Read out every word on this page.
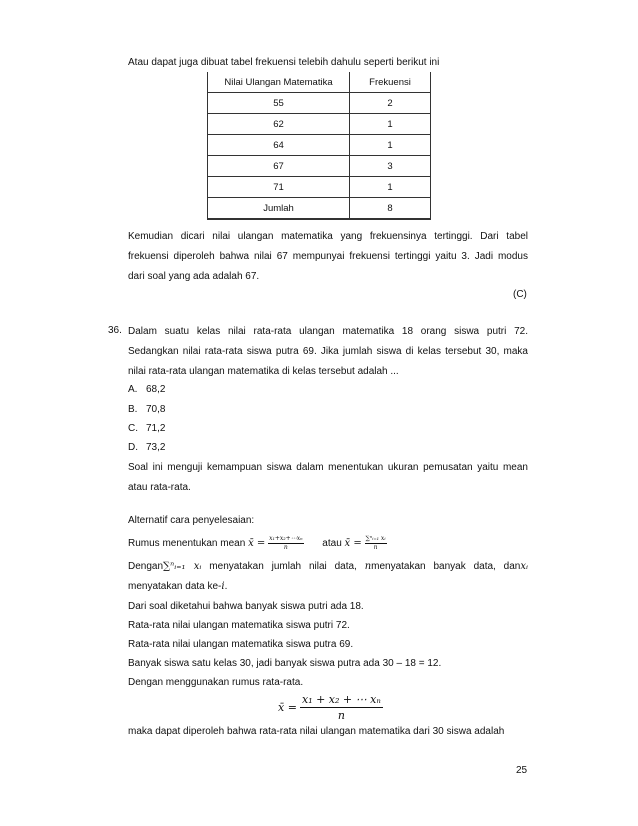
Atau dapat juga dibuat tabel frekuensi telebih dahulu seperti berikut ini
Nilai Ulangan Matematika	Frekuensi
55	2
62	1
64	1
67	3
71	1
Jumlah	8
Kemudian dicari nilai ulangan matematika yang frekuensinya tertinggi. Dari tabel
frekuensi diperoleh bahwa nilai 67 mempunyai frekuensi tertinggi yaitu 3. Jadi modus
dari soal yang ada adalah 67.
(C)
36. Dalam suatu kelas nilai rata-rata ulangan matematika 18 orang siswa putri 72.
Sedangkan nilai rata-rata siswa putra 69. Jika jumlah siswa di kelas tersebut 30, maka
nilai rata-rata ulangan matematika di kelas tersebut adalah ...
A. 68,2
B. 70,8
C. 71,2
D. 73,2
Soal ini menguji kemampuan siswa dalam menentukan ukuran pemusatan yaitu mean
atau rata-rata.
Alternatif cara penyelesaian:
Rumus menentukan mean x̄ = $\frac{\text{x₁+x₂+⋯xₙ}}{n}$ atau x̄ = $\frac{\text{∑ⁿᵢ₌₁ xᵢ}}{n}$
Dengan∑ⁿᵢ₌₁ xᵢ menyatakan jumlah nilai data, nmenyatakan banyak data, danxᵢ
menyatakan data ke-i.
Dari soal diketahui bahwa banyak siswa putri ada 18.
Rata-rata nilai ulangan matematika siswa putri 72.
Rata-rata nilai ulangan matematika siswa putra 69.
Banyak siswa satu kelas 30, jadi banyak siswa putra ada 30 – 18 = 12.
Dengan menggunakan rumus rata-rata.
x̄ = $\frac{\text{x₁ + x₂ + ⋯ xₙ}}{n}$
maka dapat diperoleh bahwa rata-rata nilai ulangan matematika dari 30 siswa adalah
25
